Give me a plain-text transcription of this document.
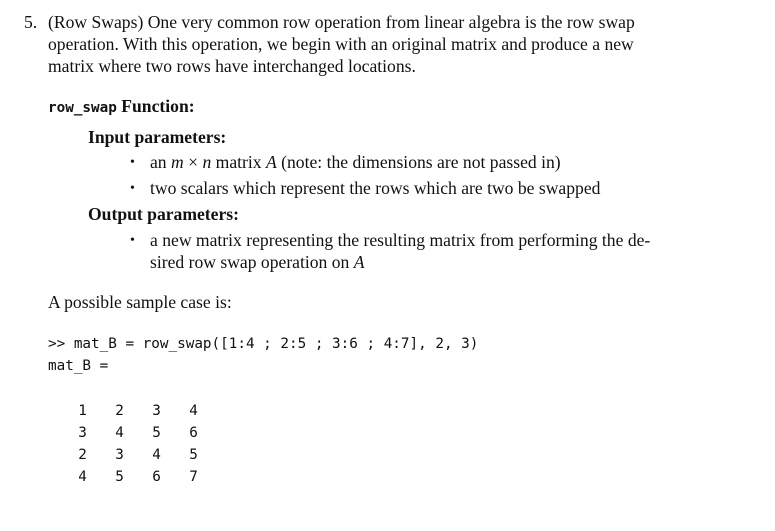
5. (Row Swaps) One very common row operation from linear algebra is the row swap
operation. With this operation, we begin with an original matrix and produce a new
matrix where two rows have interchanged locations.
row_swap Function:
Input parameters:
• an m × n matrix A (note: the dimensions are not passed in)
• two scalars which represent the rows which are two be swapped
Output parameters:
• a new matrix representing the resulting matrix from performing the de-
sired row swap operation on A
A possible sample case is:
>> mat_B = row_swap([1:4 ; 2:5 ; 3:6 ; 4:7], 2, 3)
mat_B =
1	2	3	4
3	4	5	6
2	3	4	5
4	5	6	7
